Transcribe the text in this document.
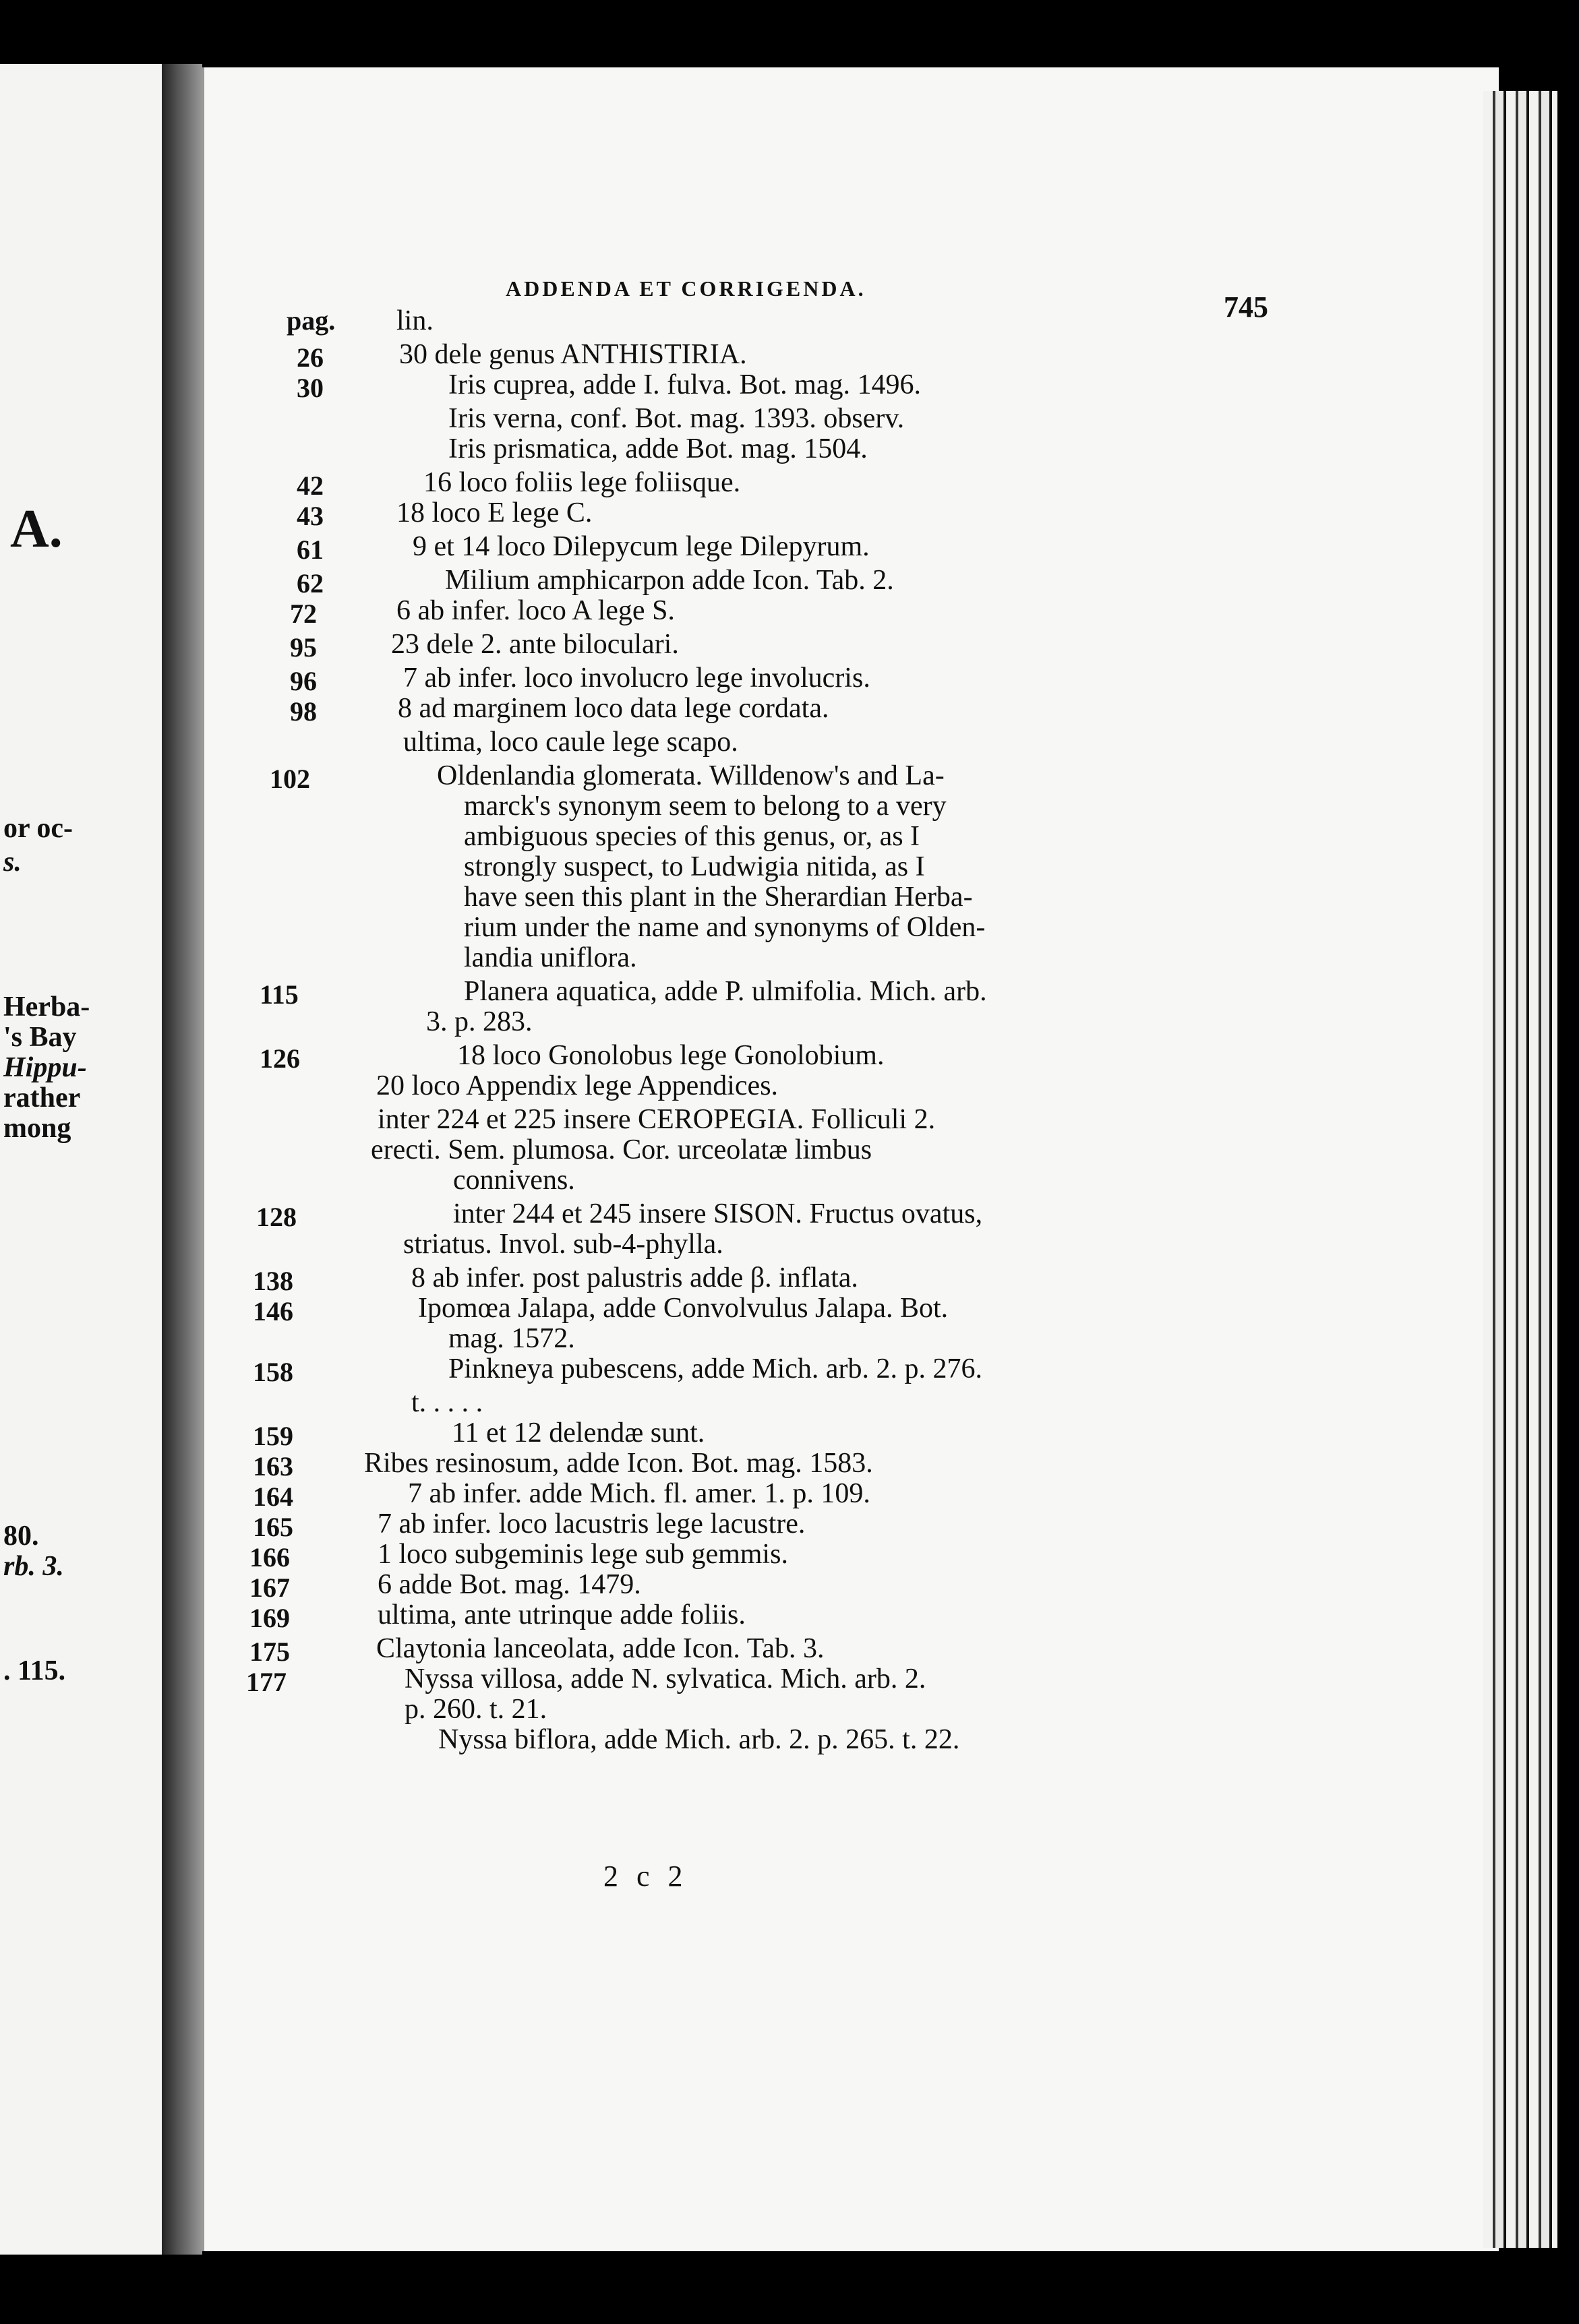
A.
or oc-
s.
Herba-
's Bay
Hippu-
rather
mong
80.
rb. 3.
. 115.
ADDENDA ET CORRIGENDA.
745
pag. lin.
26	30 dele genus ANTHISTIRIA.
30	Iris cuprea, adde I. fulva. Bot. mag. 1496.
Iris verna, conf. Bot. mag. 1393. observ.
Iris prismatica, adde Bot. mag. 1504.
42	16 loco foliis lege foliisque.
43	18 loco E lege C.
61	9 et 14 loco Dilepycum lege Dilepyrum.
62	Milium amphicarpon adde Icon. Tab. 2.
72	6 ab infer. loco A lege S.
95	23 dele 2. ante biloculari.
96	7 ab infer. loco involucro lege involucris.
98	8 ad marginem loco data lege cordata.
ultima, loco caule lege scapo.
102	Oldenlandia glomerata. Willdenow's and La-
marck's synonym seem to belong to a very
ambiguous species of this genus, or, as I
strongly suspect, to Ludwigia nitida, as I
have seen this plant in the Sherardian Herba-
rium under the name and synonyms of Olden-
landia uniflora.
115	Planera aquatica, adde P. ulmifolia. Mich. arb.
3. p. 283.
126	18 loco Gonolobus lege Gonolobium.
20 loco Appendix lege Appendices.
inter 224 et 225 insere CEROPEGIA. Folliculi 2.
erecti. Sem. plumosa. Cor. urceolatæ limbus
connivens.
128	inter 244 et 245 insere SISON. Fructus ovatus,
striatus. Invol. sub-4-phylla.
138	8 ab infer. post palustris adde β. inflata.
146	Ipomœa Jalapa, adde Convolvulus Jalapa. Bot.
mag. 1572.
158	Pinkneya pubescens, adde Mich. arb. 2. p. 276.
t. . . . .
159	11 et 12 delendæ sunt.
163	Ribes resinosum, adde Icon. Bot. mag. 1583.
164	7 ab infer. adde Mich. fl. amer. 1. p. 109.
165	7 ab infer. loco lacustris lege lacustre.
166	1 loco subgeminis lege sub gemmis.
167	6 adde Bot. mag. 1479.
169	ultima, ante utrinque adde foliis.
175	Claytonia lanceolata, adde Icon. Tab. 3.
177	Nyssa villosa, adde N. sylvatica. Mich. arb. 2.
p. 260. t. 21.
Nyssa biflora, adde Mich. arb. 2. p. 265. t. 22.
2 c 2
